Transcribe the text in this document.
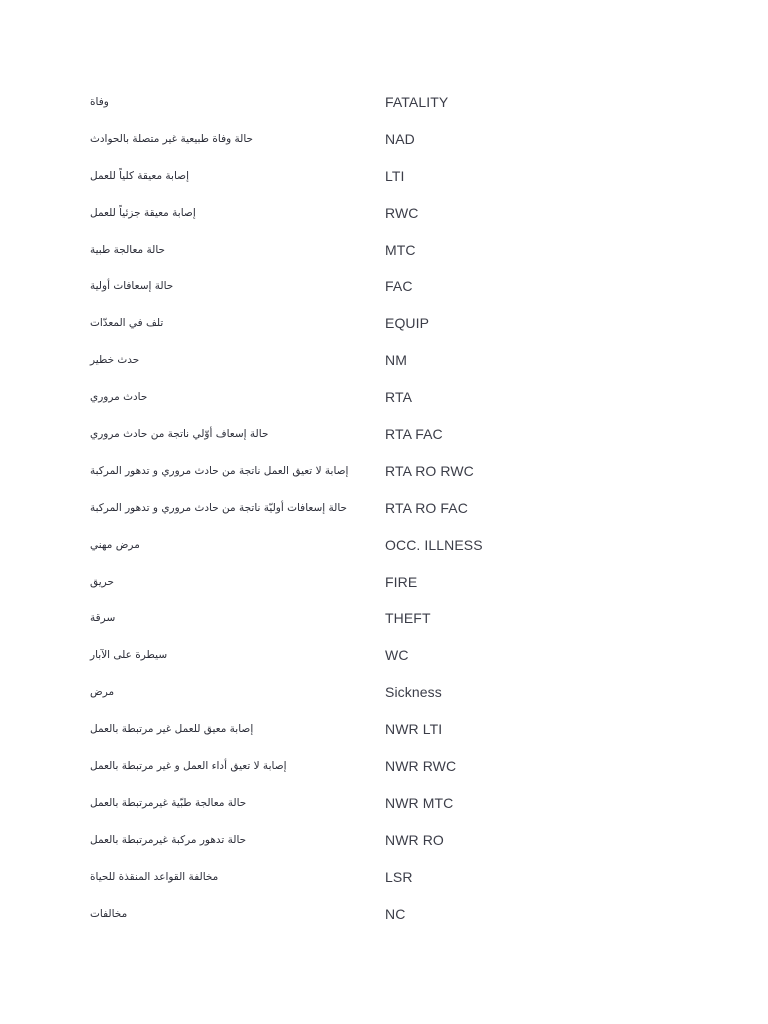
وفاة	FATALITY
حالة وفاة طبيعية غير متصلة بالحوادث	NAD
إصابة معيقة كلياً للعمل	LTI
إصابة معيقة جزئياً للعمل	RWC
حالة معالجة طبية	MTC
حالة إسعافات أولية	FAC
تلف في المعدّات	EQUIP
حدث خطير	NM
حادث مروري	RTA
حالة إسعاف أوّلي ناتجة من حادث مروري	RTA FAC
إصابة لا تعيق العمل ناتجة من حادث مروري و تدهور المركبة	RTA RO RWC
حالة إسعافات أوليّة ناتجة من حادث مروري و تدهور المركبة	RTA RO FAC
مرض مهني	OCC. ILLNESS
حريق	FIRE
سرقة	THEFT
سيطرة على الآبار	WC
مرض	Sickness
إصابة معيق للعمل غير مرتبطة بالعمل	NWR LTI
إصابة لا تعيق أداء العمل و غير مرتبطة بالعمل	NWR RWC
حالة معالجة طبّية غيرمرتبطة بالعمل	NWR MTC
حالة تدهور مركبة غيرمرتبطة بالعمل	NWR RO
مخالفة القواعد المنقذة للحياة	LSR
مخالفات	NC
